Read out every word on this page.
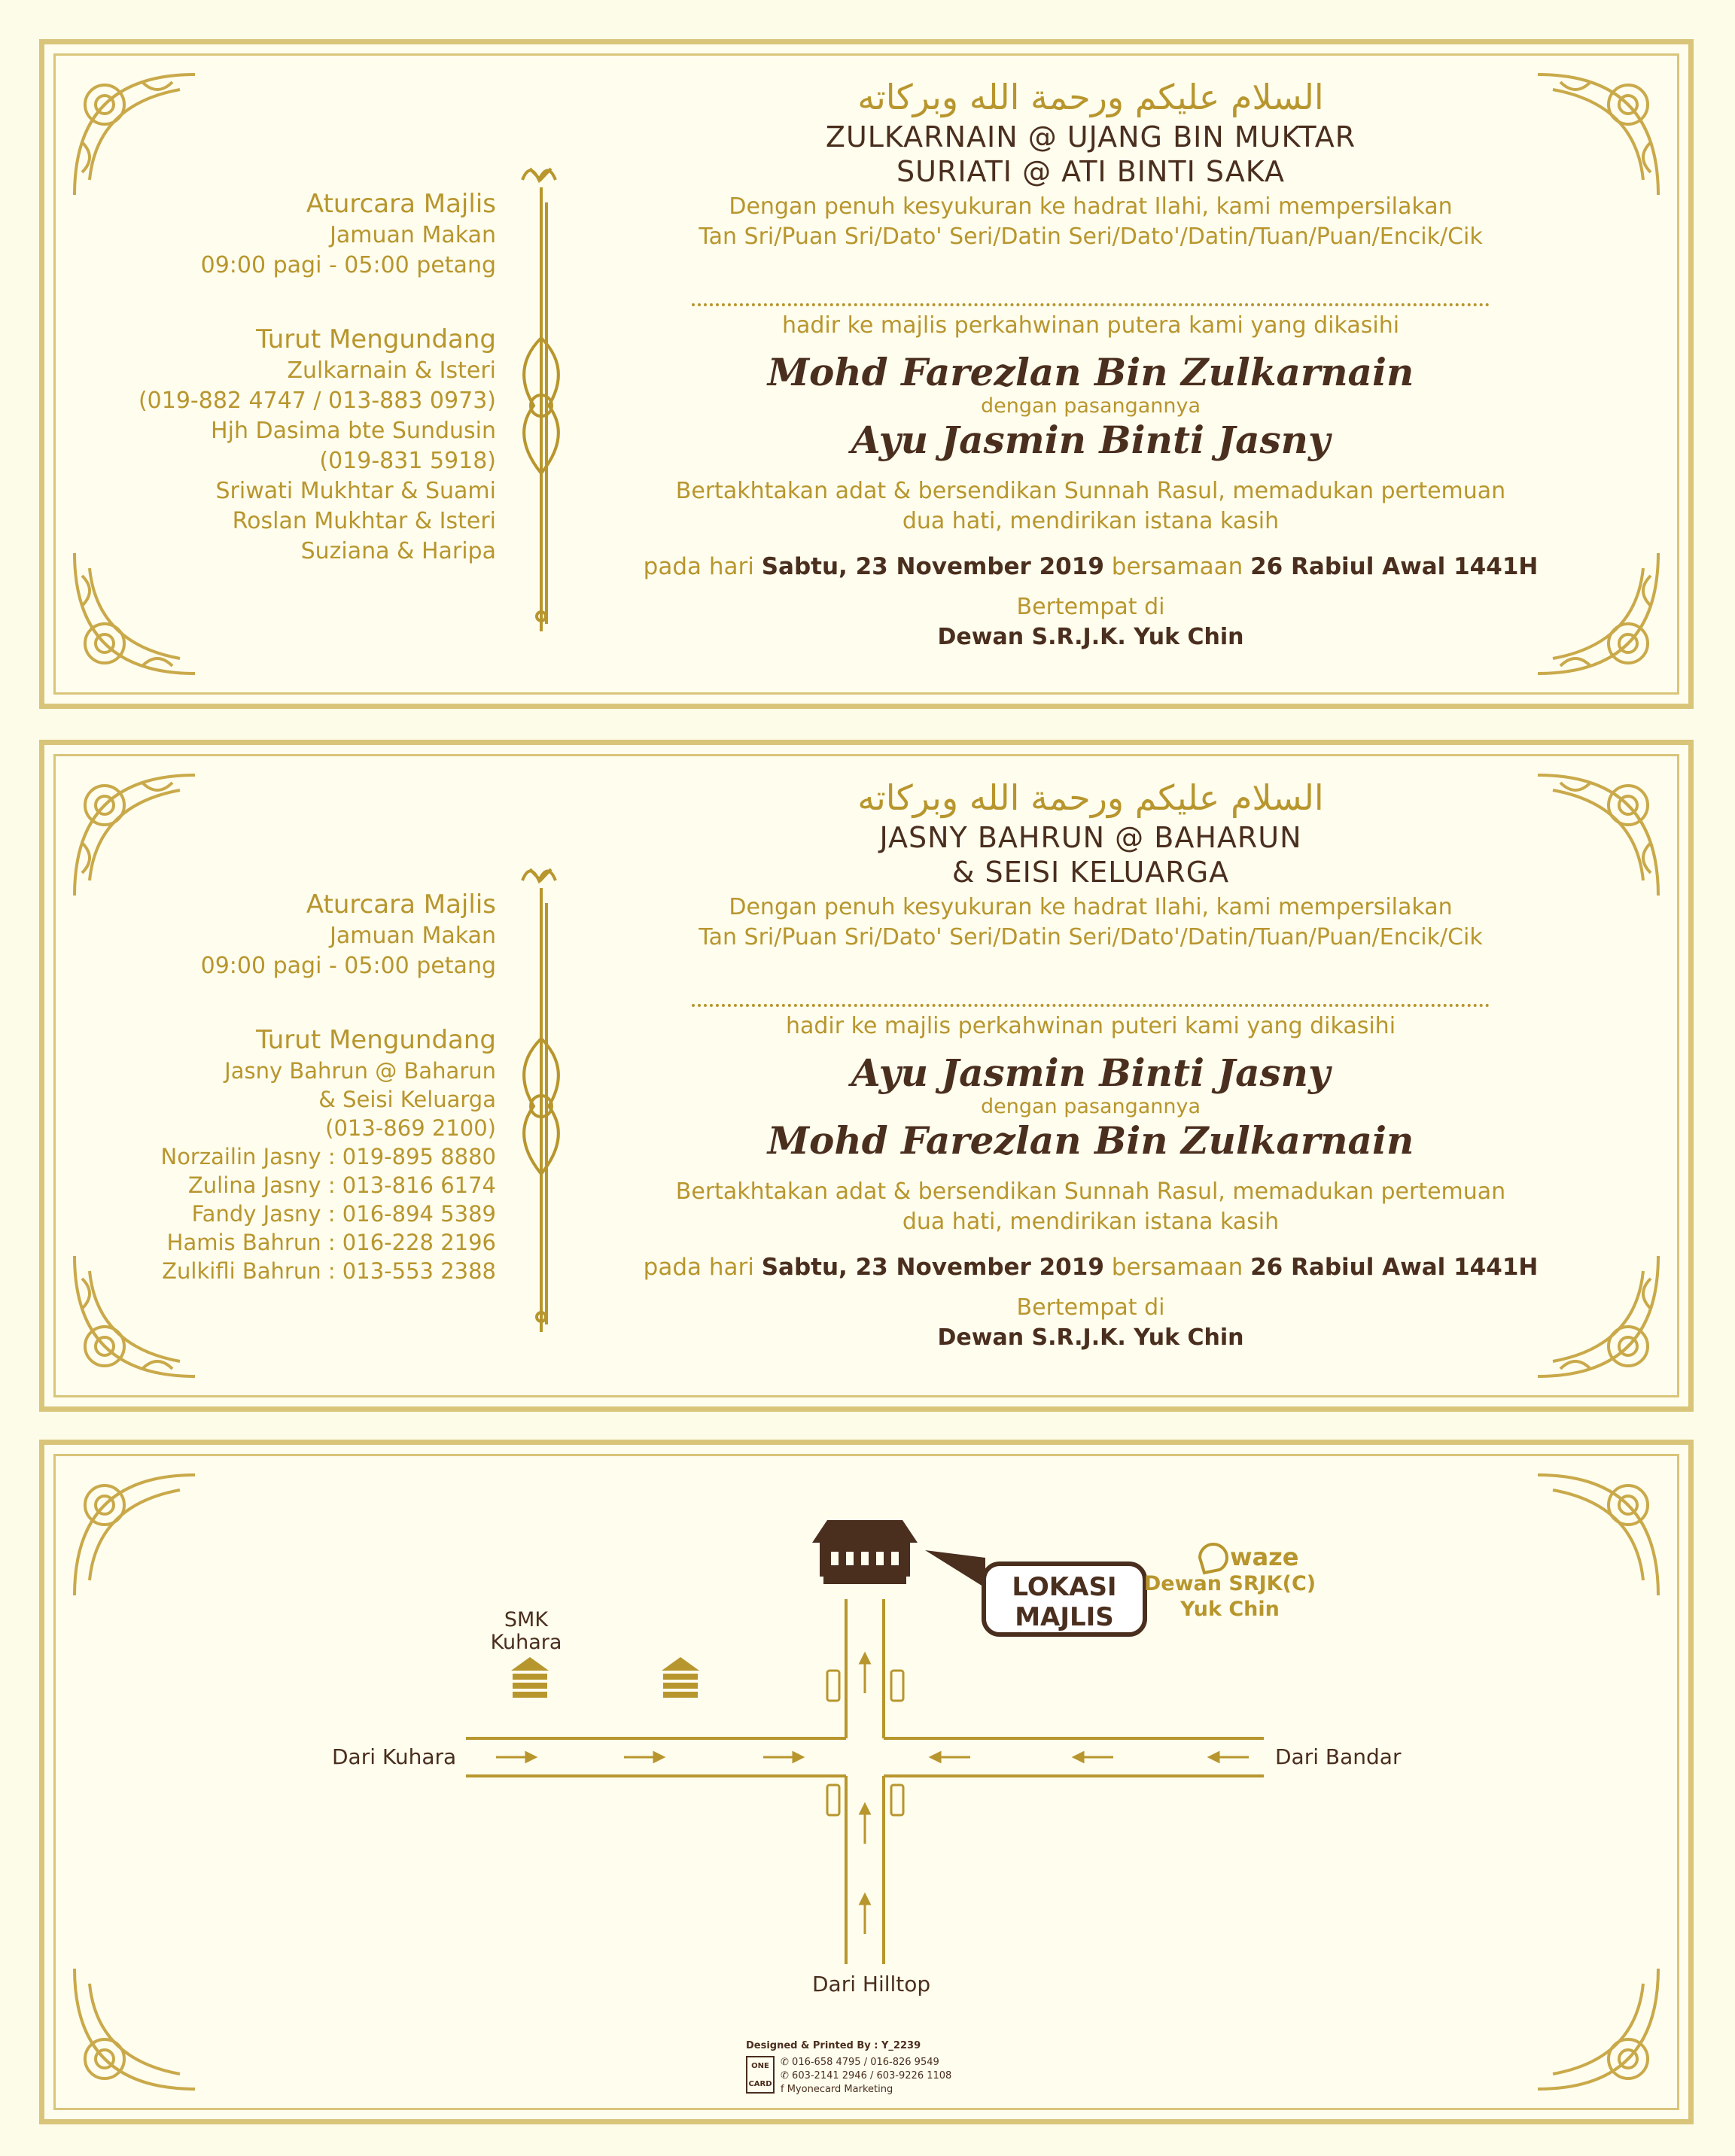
Aturcara Majlis
Jamuan Makan
09:00 pagi - 05:00 petang
Turut Mengundang
Zulkarnain & Isteri
(019-882 4747 / 013-883 0973)
Hjh Dasima bte Sundusin
(019-831 5918)
Sriwati Mukhtar & Suami
Roslan Mukhtar & Isteri
Suziana & Haripa
السلام عليكم ورحمة الله وبركاته
ZULKARNAIN @ UJANG BIN MUKTAR
SURIATI @ ATI BINTI SAKA
Dengan penuh kesyukuran ke hadrat Ilahi, kami mempersilakan
Tan Sri/Puan Sri/Dato' Seri/Datin Seri/Dato'/Datin/Tuan/Puan/Encik/Cik
hadir ke majlis perkahwinan putera kami yang dikasihi
Mohd Farezlan Bin Zulkarnain
dengan pasangannya
Ayu Jasmin Binti Jasny
Bertakhtakan adat & bersendikan Sunnah Rasul, memadukan pertemuan
dua hati, mendirikan istana kasih
pada hari Sabtu, 23 November 2019 bersamaan 26 Rabiul Awal 1441H
Bertempat di
Dewan S.R.J.K. Yuk Chin
Aturcara Majlis
Jamuan Makan
09:00 pagi - 05:00 petang
Turut Mengundang
Jasny Bahrun @ Baharun
& Seisi Keluarga
(013-869 2100)
Norzailin Jasny : 019-895 8880
Zulina Jasny : 013-816 6174
Fandy Jasny : 016-894 5389
Hamis Bahrun : 016-228 2196
Zulkifli Bahrun : 013-553 2388
السلام عليكم ورحمة الله وبركاته
JASNY BAHRUN @ BAHARUN
& SEISI KELUARGA
Dengan penuh kesyukuran ke hadrat Ilahi, kami mempersilakan
Tan Sri/Puan Sri/Dato' Seri/Datin Seri/Dato'/Datin/Tuan/Puan/Encik/Cik
hadir ke majlis perkahwinan puteri kami yang dikasihi
Ayu Jasmin Binti Jasny
dengan pasangannya
Mohd Farezlan Bin Zulkarnain
Bertakhtakan adat & bersendikan Sunnah Rasul, memadukan pertemuan
dua hati, mendirikan istana kasih
pada hari Sabtu, 23 November 2019 bersamaan 26 Rabiul Awal 1441H
Bertempat di
Dewan S.R.J.K. Yuk Chin
LOKASI
MAJLIS
waze
Dewan SRJK(C)
Yuk Chin
SMK
Kuhara
Dari Kuhara	Dari Bandar
Dari Hilltop
Designed & Printed By : Y_2239
ONE CARD
✆ 016-658 4795 / 016-826 9549
✆ 603-2141 2946 / 603-9226 1108
f Myonecard Marketing
